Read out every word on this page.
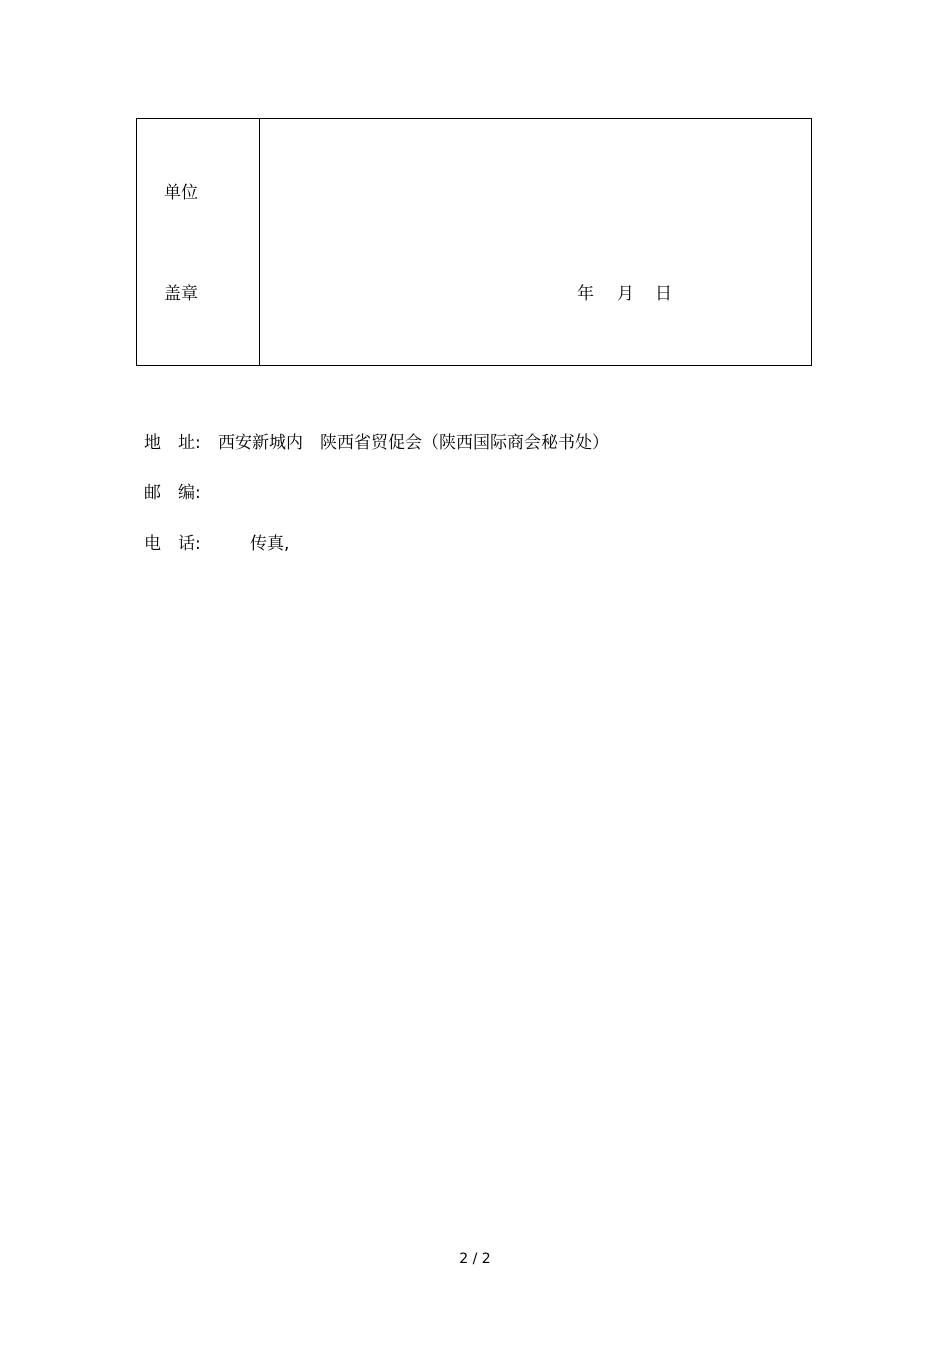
单位
盖章	年 月 日
地　址: 西安新城内　陕西省贸促会（陕西国际商会秘书处）
邮　编:
电　话:	传真,
2 / 2
